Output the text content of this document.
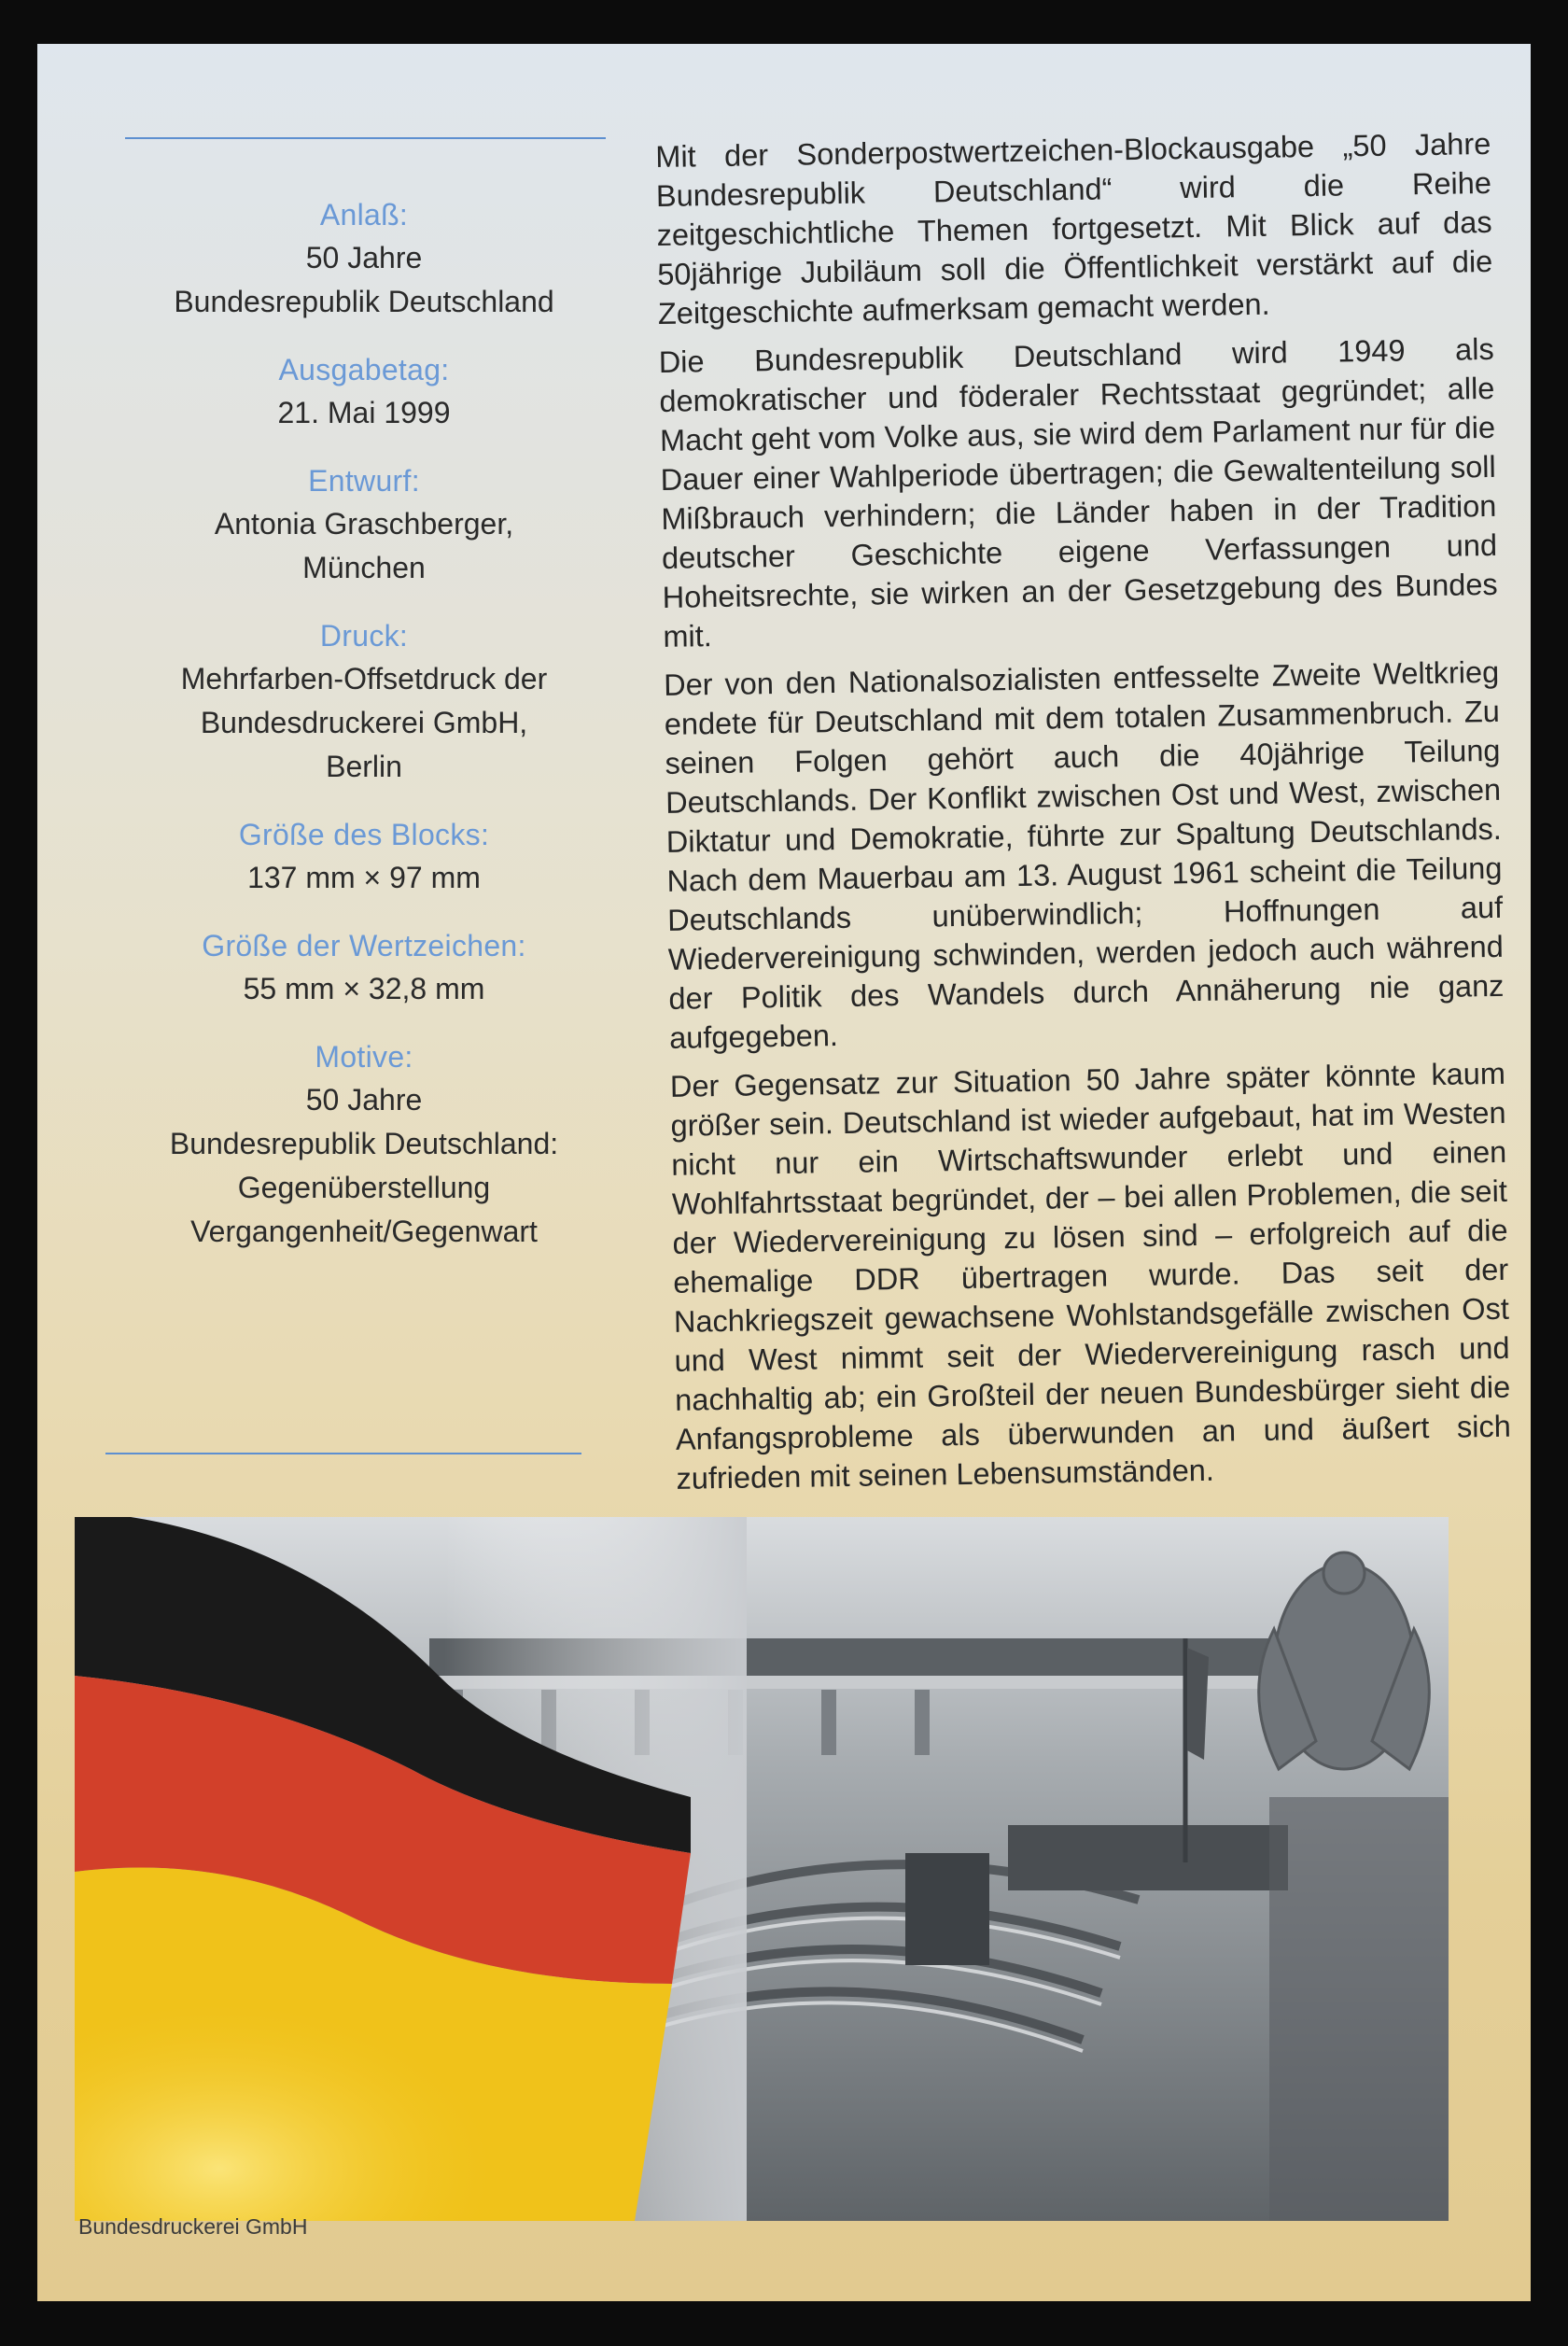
Anlaß:
50 Jahre
Bundesrepublik Deutschland
Ausgabetag:
21. Mai 1999
Entwurf:
Antonia Graschberger,
München
Druck:
Mehrfarben-Offsetdruck der
Bundesdruckerei GmbH,
Berlin
Größe des Blocks:
137 mm × 97 mm
Größe der Wertzeichen:
55 mm × 32,8 mm
Motive:
50 Jahre
Bundesrepublik Deutschland:
Gegenüberstellung
Vergangenheit/Gegenwart

Mit der Sonderpostwertzeichen-Blockausgabe „50 Jahre Bundesrepublik Deutschland“ wird die Reihe zeitgeschichtliche Themen fortgesetzt. Mit Blick auf das 50jährige Jubiläum soll die Öffentlichkeit verstärkt auf die Zeitgeschichte aufmerksam gemacht werden.

Die Bundesrepublik Deutschland wird 1949 als demokratischer und föderaler Rechtsstaat gegründet; alle Macht geht vom Volke aus, sie wird dem Parlament nur für die Dauer einer Wahlperiode übertragen; die Gewaltenteilung soll Mißbrauch verhindern; die Länder haben in der Tradition deutscher Geschichte eigene Verfassungen und Hoheitsrechte, sie wirken an der Gesetzgebung des Bundes mit.

Der von den Nationalsozialisten entfesselte Zweite Weltkrieg endete für Deutschland mit dem totalen Zusammenbruch. Zu seinen Folgen gehört auch die 40jährige Teilung Deutschlands. Der Konflikt zwischen Ost und West, zwischen Diktatur und Demokratie, führte zur Spaltung Deutschlands. Nach dem Mauerbau am 13. August 1961 scheint die Teilung Deutschlands unüberwindlich; Hoffnungen auf Wiedervereinigung schwinden, werden jedoch auch während der Politik des Wandels durch Annäherung nie ganz aufgegeben.

Der Gegensatz zur Situation 50 Jahre später könnte kaum größer sein. Deutschland ist wieder aufgebaut, hat im Westen nicht nur ein Wirtschaftswunder erlebt und einen Wohlfahrtsstaat begründet, der – bei allen Problemen, die seit der Wiedervereinigung zu lösen sind – erfolgreich auf die ehemalige DDR übertragen wurde. Das seit der Nachkriegszeit gewachsene Wohlstandsgefälle zwischen Ost und West nimmt seit der Wiedervereinigung rasch und nachhaltig ab; ein Großteil der neuen Bundesbürger sieht die Anfangsprobleme als überwunden an und äußert sich zufrieden mit seinen Lebensumständen.

Bundesdruckerei GmbH
